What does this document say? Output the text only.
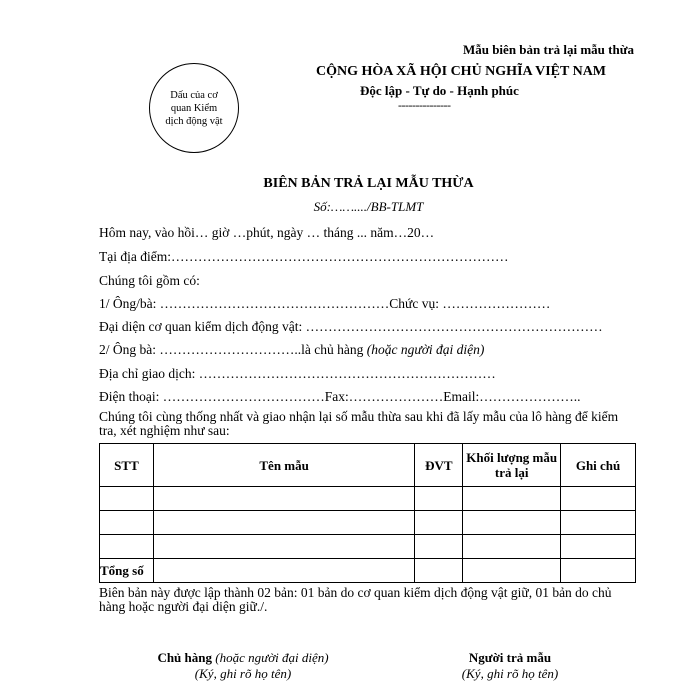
Mẫu biên bản trả lại mẫu thừa
Dấu của cơ quan Kiểm dịch động vật
CỘNG HÒA XÃ HỘI CHỦ NGHĨA VIỆT NAM
Độc lập - Tự do - Hạnh phúc
---------------
BIÊN BẢN TRẢ LẠI MẪU THỪA
Số:……..../BB-TLMT
Hôm nay, vào hồi… giờ …phút, ngày … tháng ... năm…20…
Tại địa điểm:…………………………………………………………………
Chúng tôi gồm có:
1/ Ông/bà: ……………………………………………Chức vụ: ……………………
Đại diện cơ quan kiểm dịch động vật: …………………………………………………………
2/ Ông bà: …………………………..là chủ hàng (hoặc người đại diện)
Địa chỉ giao dịch: …………………………………………………………
Điện thoại: ………………………………Fax:…………………Email:…………………..
Chúng tôi cùng thống nhất và giao nhận lại số mẫu thừa sau khi đã lấy mẫu của lô hàng để kiểm tra, xét nghiệm như sau:
STT	Tên mẫu	ĐVT	Khối lượng mẫu trả lại	Ghi chú

Tổng số				
Biên bản này được lập thành 02 bản: 01 bản do cơ quan kiểm dịch động vật giữ, 01 bản do chủ hàng hoặc người đại diện giữ./.
Chủ hàng (hoặc người đại diện)
(Ký, ghi rõ họ tên)
Người trả mẫu
(Ký, ghi rõ họ tên)
